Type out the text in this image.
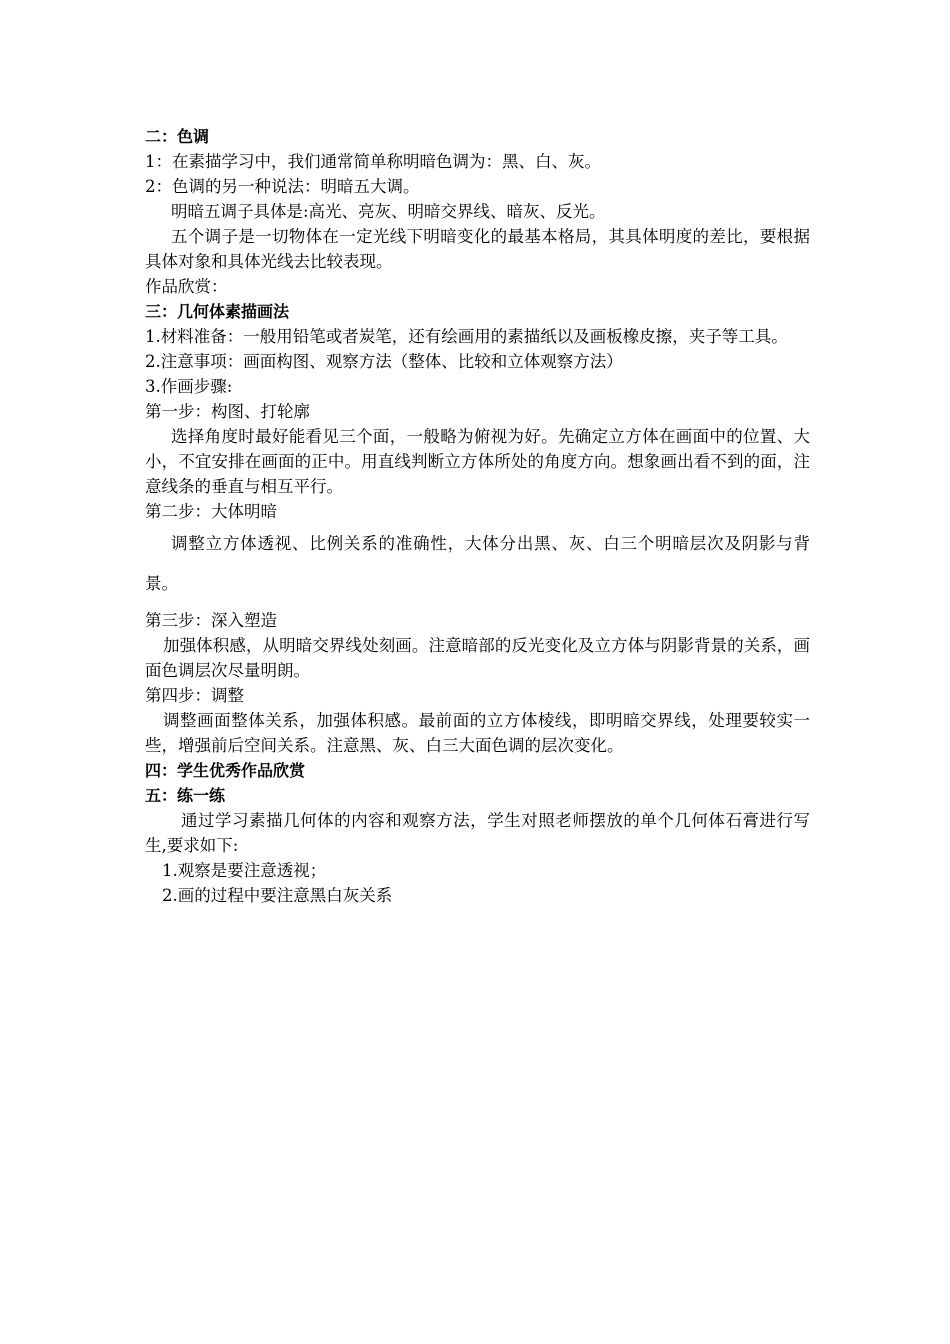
二：色调
1：在素描学习中，我们通常简单称明暗色调为：黑、白、灰。
2：色调的另一种说法：明暗五大调。
明暗五调子具体是:高光、亮灰、明暗交界线、暗灰、反光。
五个调子是一切物体在一定光线下明暗变化的最基本格局，其具体明度的差比，要根据具体对象和具体光线去比较表现。
作品欣赏：
三：几何体素描画法
1.材料准备：一般用铅笔或者炭笔，还有绘画用的素描纸以及画板橡皮擦，夹子等工具。
2.注意事项：画面构图、观察方法（整体、比较和立体观察方法）
3.作画步骤:
第一步：构图、打轮廓
选择角度时最好能看见三个面，一般略为俯视为好。先确定立方体在画面中的位置、大小，不宜安排在画面的正中。用直线判断立方体所处的角度方向。想象画出看不到的面，注意线条的垂直与相互平行。
第二步：大体明暗
调整立方体透视、比例关系的准确性，大体分出黑、灰、白三个明暗层次及阴影与背景。
第三步：深入塑造
加强体积感，从明暗交界线处刻画。注意暗部的反光变化及立方体与阴影背景的关系，画面色调层次尽量明朗。
第四步：调整
调整画面整体关系，加强体积感。最前面的立方体棱线，即明暗交界线，处理要较实一些，增强前后空间关系。注意黑、灰、白三大面色调的层次变化。
四：学生优秀作品欣赏
五：练一练
通过学习素描几何体的内容和观察方法，学生对照老师摆放的单个几何体石膏进行写生,要求如下:
1.观察是要注意透视；
2.画的过程中要注意黑白灰关系
